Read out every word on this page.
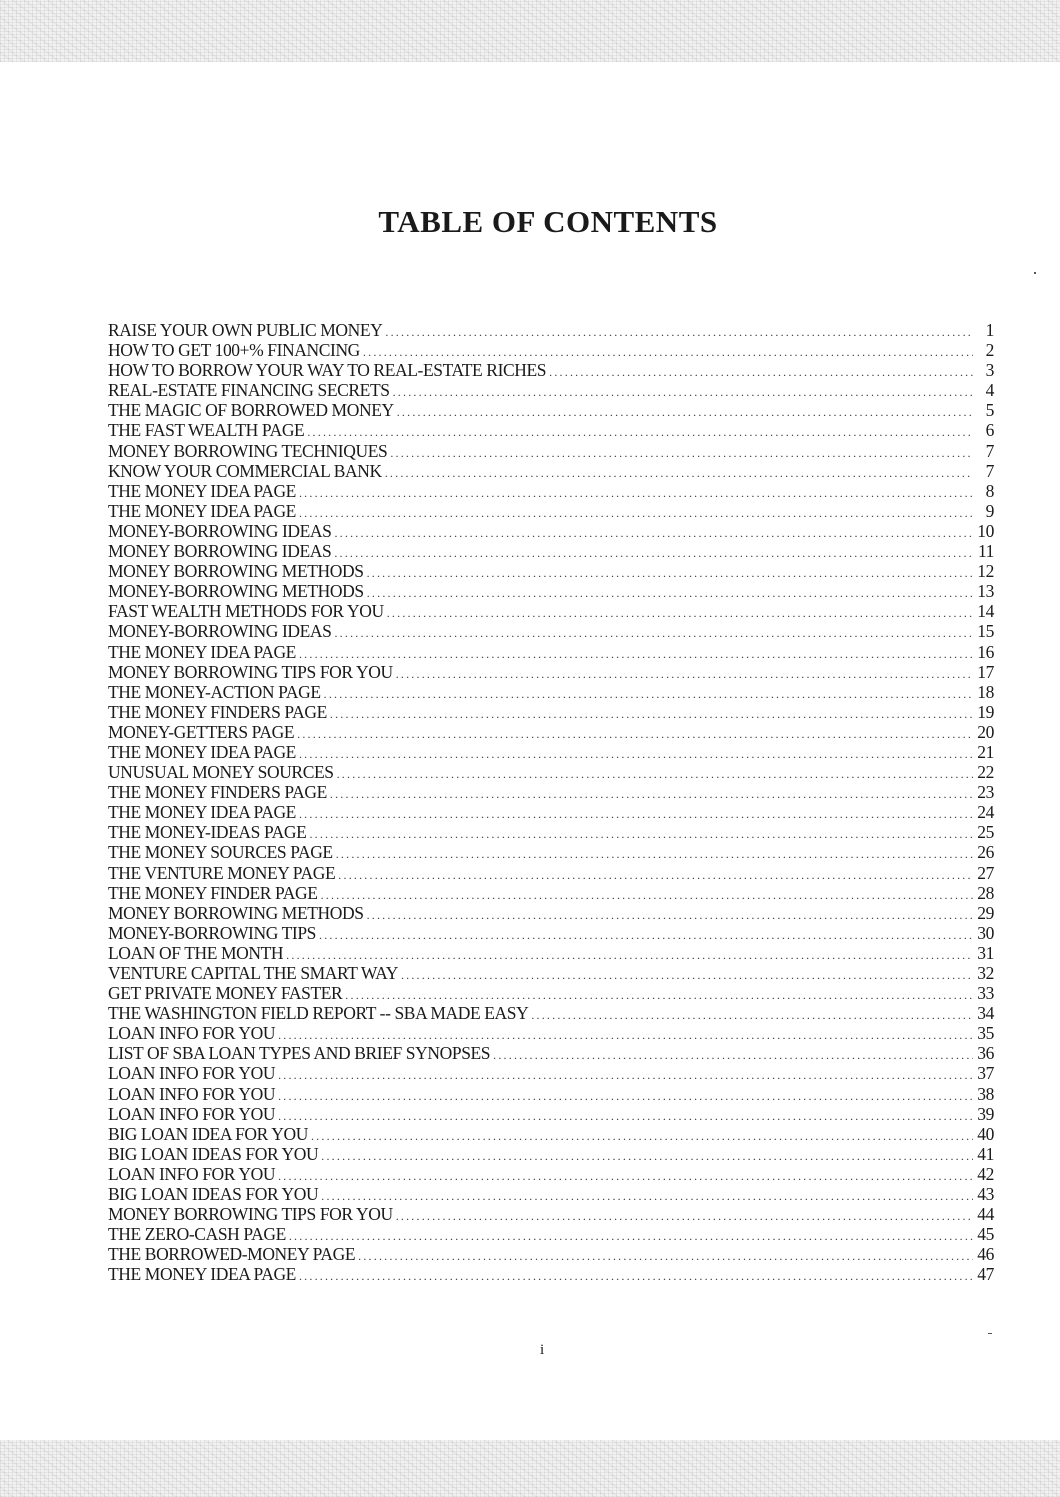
TABLE OF CONTENTS
RAISE YOUR OWN PUBLIC MONEY .....	1
HOW TO GET 100+% FINANCING .....	2
HOW TO BORROW YOUR WAY TO REAL-ESTATE RICHES .....	3
REAL-ESTATE FINANCING SECRETS .....	4
THE MAGIC OF BORROWED MONEY .....	5
THE FAST WEALTH PAGE .....	6
MONEY BORROWING TECHNIQUES .....	7
KNOW YOUR COMMERCIAL BANK .....	7
THE MONEY IDEA PAGE .....	8
THE MONEY IDEA PAGE .....	9
MONEY-BORROWING IDEAS .....	10
MONEY BORROWING IDEAS .....	11
MONEY BORROWING METHODS .....	12
MONEY-BORROWING METHODS .....	13
FAST WEALTH METHODS FOR YOU .....	14
MONEY-BORROWING IDEAS .....	15
THE MONEY IDEA PAGE .....	16
MONEY BORROWING TIPS FOR YOU .....	17
THE MONEY-ACTION PAGE .....	18
THE MONEY FINDERS PAGE .....	19
MONEY-GETTERS PAGE .....	20
THE MONEY IDEA PAGE .....	21
UNUSUAL MONEY SOURCES .....	22
THE MONEY FINDERS PAGE .....	23
THE MONEY IDEA PAGE .....	24
THE MONEY-IDEAS PAGE .....	25
THE MONEY SOURCES PAGE .....	26
THE VENTURE MONEY PAGE .....	27
THE MONEY FINDER PAGE .....	28
MONEY BORROWING METHODS .....	29
MONEY-BORROWING TIPS .....	30
LOAN OF THE MONTH .....	31
VENTURE CAPITAL THE SMART WAY .....	32
GET PRIVATE MONEY FASTER .....	33
THE WASHINGTON FIELD REPORT -- SBA MADE EASY .....	34
LOAN INFO FOR YOU .....	35
LIST OF SBA LOAN TYPES AND BRIEF SYNOPSES .....	36
LOAN INFO FOR YOU .....	37
LOAN INFO FOR YOU .....	38
LOAN INFO FOR YOU .....	39
BIG LOAN IDEA FOR YOU .....	40
BIG LOAN IDEAS FOR YOU .....	41
LOAN INFO FOR YOU .....	42
BIG LOAN IDEAS FOR YOU .....	43
MONEY BORROWING TIPS FOR YOU .....	44
THE ZERO-CASH PAGE .....	45
THE BORROWED-MONEY PAGE .....	46
THE MONEY IDEA PAGE .....	47
i
